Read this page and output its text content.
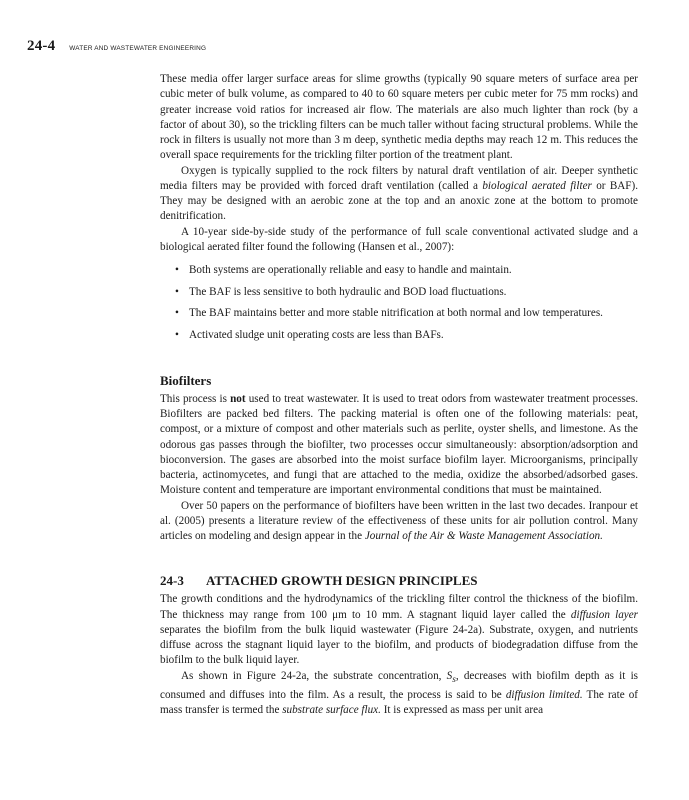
24-4 WATER AND WASTEWATER ENGINEERING

These media offer larger surface areas for slime growths (typically 90 square meters of surface area per cubic meter of bulk volume, as compared to 40 to 60 square meters per cubic meter for 75 mm rocks) and greater increase void ratios for increased air flow. The materials are also much lighter than rock (by a factor of about 30), so the trickling filters can be much taller without facing structural problems. While the rock in filters is usually not more than 3 m deep, synthetic media depths may reach 12 m. This reduces the overall space requirements for the trickling filter portion of the treatment plant.

Oxygen is typically supplied to the rock filters by natural draft ventilation of air. Deeper synthetic media filters may be provided with forced draft ventilation (called a biological aerated filter or BAF). They may be designed with an aerobic zone at the top and an anoxic zone at the bottom to promote denitrification.

A 10-year side-by-side study of the performance of full scale conventional activated sludge and a biological aerated filter found the following (Hansen et al., 2007):

• Both systems are operationally reliable and easy to handle and maintain.
• The BAF is less sensitive to both hydraulic and BOD load fluctuations.
• The BAF maintains better and more stable nitrification at both normal and low temperatures.
• Activated sludge unit operating costs are less than BAFs.
Biofilters

This process is not used to treat wastewater. It is used to treat odors from wastewater treatment processes. Biofilters are packed bed filters. The packing material is often one of the following materials: peat, compost, or a mixture of compost and other materials such as perlite, oyster shells, and limestone. As the odorous gas passes through the biofilter, two processes occur simultaneously: absorption/adsorption and bioconversion. The gases are absorbed into the moist surface biofilm layer. Microorganisms, principally bacteria, actinomycetes, and fungi that are attached to the media, oxidize the absorbed/adsorbed gases. Moisture content and temperature are important environmental conditions that must be maintained.

Over 50 papers on the performance of biofilters have been written in the last two decades. Iranpour et al. (2005) presents a literature review of the effectiveness of these units for air pollution control. Many articles on modeling and design appear in the Journal of the Air & Waste Management Association.

24-3 ATTACHED GROWTH DESIGN PRINCIPLES

The growth conditions and the hydrodynamics of the trickling filter control the thickness of the biofilm. The thickness may range from 100 μm to 10 mm. A stagnant liquid layer called the diffusion layer separates the biofilm from the bulk liquid wastewater (Figure 24-2a). Substrate, oxygen, and nutrients diffuse across the stagnant liquid layer to the biofilm, and products of biodegradation diffuse from the biofilm to the bulk liquid layer.

As shown in Figure 24-2a, the substrate concentration, $S_s$, decreases with biofilm depth as it is consumed and diffuses into the film. As a result, the process is said to be diffusion limited. The rate of mass transfer is termed the substrate surface flux. It is expressed as mass per unit area
